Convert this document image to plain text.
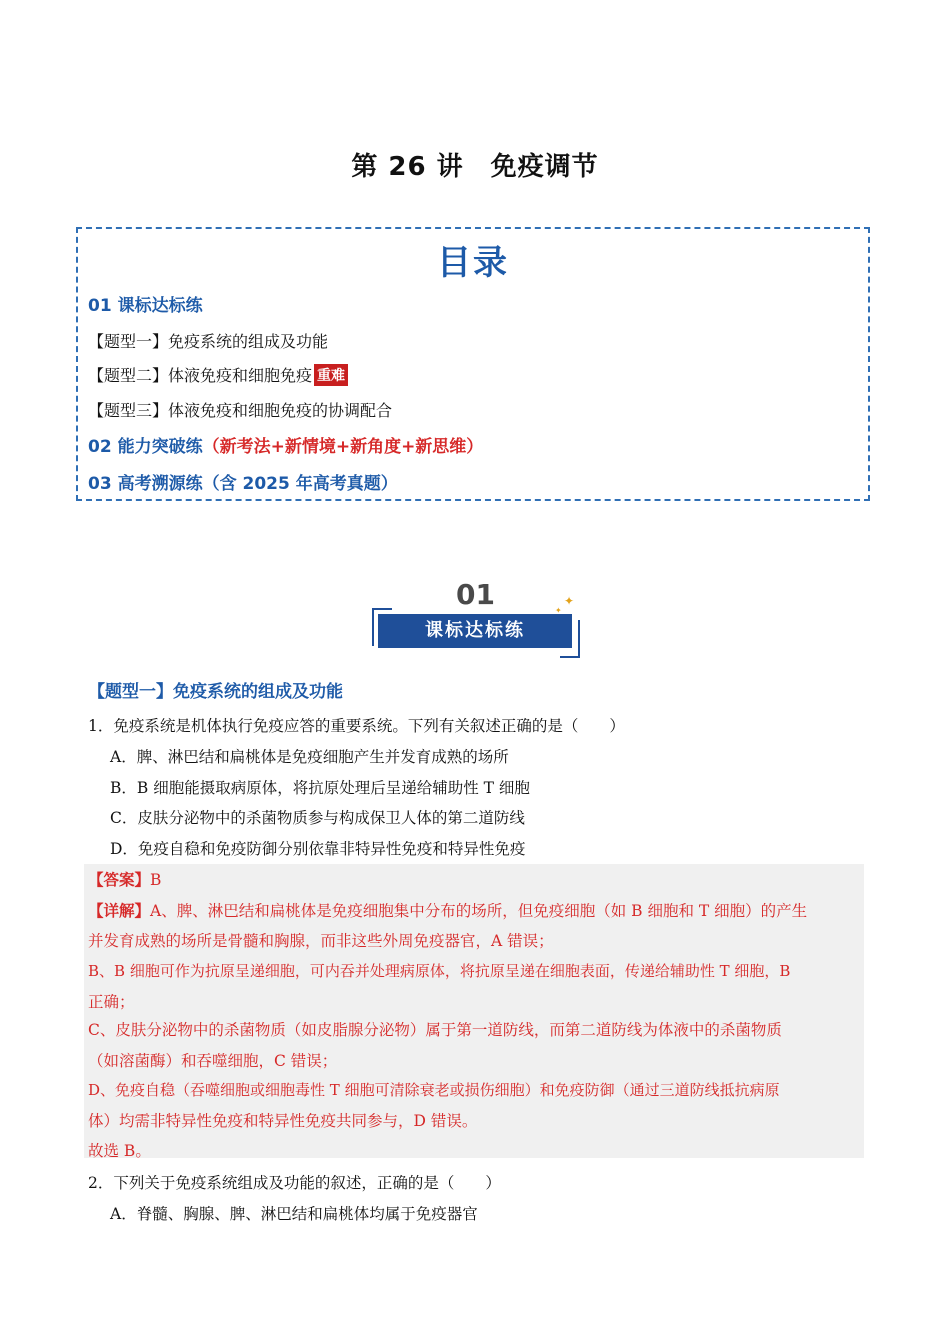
第 26 讲　免疫调节
目录
01 课标达标练
【题型一】免疫系统的组成及功能
【题型二】体液免疫和细胞免疫 重难
【题型三】体液免疫和细胞免疫的协调配合
02 能力突破练（新考法+新情境+新角度+新思维）
03 高考溯源练（含 2025 年高考真题）
01
课标达标练
✦
✦
【题型一】免疫系统的组成及功能
1．免疫系统是机体执行免疫应答的重要系统。下列有关叙述正确的是（　　）
A．脾、淋巴结和扁桃体是免疫细胞产生并发育成熟的场所
B．B 细胞能摄取病原体，将抗原处理后呈递给辅助性 T 细胞
C．皮肤分泌物中的杀菌物质参与构成保卫人体的第二道防线
D．免疫自稳和免疫防御分别依靠非特异性免疫和特异性免疫
【答案】B
【详解】A、脾、淋巴结和扁桃体是免疫细胞集中分布的场所，但免疫细胞（如 B 细胞和 T 细胞）的产生
并发育成熟的场所是骨髓和胸腺，而非这些外周免疫器官，A 错误；
B、B 细胞可作为抗原呈递细胞，可内吞并处理病原体，将抗原呈递在细胞表面，传递给辅助性 T 细胞，B
正确；
C、皮肤分泌物中的杀菌物质（如皮脂腺分泌物）属于第一道防线，而第二道防线为体液中的杀菌物质
（如溶菌酶）和吞噬细胞，C 错误；
D、免疫自稳（吞噬细胞或细胞毒性 T 细胞可清除衰老或损伤细胞）和免疫防御（通过三道防线抵抗病原
体）均需非特异性免疫和特异性免疫共同参与，D 错误。
故选 B。
2．下列关于免疫系统组成及功能的叙述，正确的是（　　）
A．脊髓、胸腺、脾、淋巴结和扁桃体均属于免疫器官
